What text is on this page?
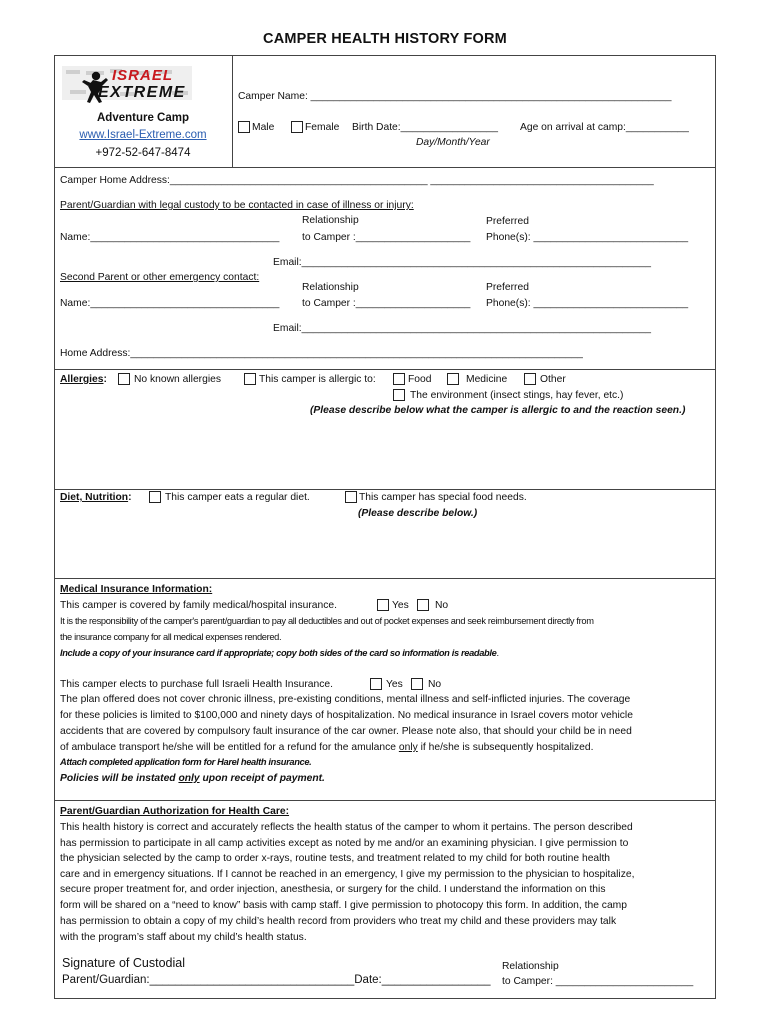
CAMPER HEALTH HISTORY FORM
ISRAEL
EXTREME
Adventure Camp
www.Israel-Extreme.com
+972-52-647-8474
Camper Name: _______________________________________________________________
Male	Female Birth Date:_________________ Age on arrival at camp:___________
Day/Month/Year
Camper Home Address:_____________________________________________ _______________________________________
Parent/Guardian with legal custody to be contacted in case of illness or injury:
Relationship	Preferred
Name:_________________________________ to Camper :____________________ Phone(s): ___________________________
Email:_____________________________________________________________
Second Parent or other emergency contact:
Relationship	Preferred
Name:_________________________________ to Camper :____________________ Phone(s): ___________________________
Email:_____________________________________________________________
Home Address:_______________________________________________________________________________
Allergies:	No known allergies	This camper is allergic to:	Food	Medicine	Other
The environment (insect stings, hay fever, etc.)
(Please describe below what the camper is allergic to and the reaction seen.)
Diet, Nutrition:	This camper eats a regular diet.	This camper has special food needs.
(Please describe below.)
Medical Insurance Information:
This camper is covered by family medical/hospital insurance.	Yes	No
It is the responsibility of the camper's parent/guardian to pay all deductibles and out of pocket expenses and seek reimbursement directly from
the insurance company for all medical expenses rendered.
Include a copy of your insurance card if appropriate; copy both sides of the card so information is readable.
This camper elects to purchase full Israeli Health Insurance.	Yes No
The plan offered does not cover chronic illness, pre-existing conditions, mental illness and self-inflicted injuries. The coverage
for these policies is limited to $100,000 and ninety days of hospitalization. No medical insurance in Israel covers motor vehicle
accidents that are covered by compulsory fault insurance of the car owner. Please note also, that should your child be in need
of ambulace transport he/she will be entitled for a refund for the amulance only if he/she is subsequently hospitalized.
Attach completed application form for Harel health insurance.
Policies will be instated only upon receipt of payment.
Parent/Guardian Authorization for Health Care:
This health history is correct and accurately reflects the health status of the camper to whom it pertains. The person described
has permission to participate in all camp activities except as noted by me and/or an examining physician. I give permission to
the physician selected by the camp to order x-rays, routine tests, and treatment related to my child for both routine health
care and in emergency situations. If I cannot be reached in an emergency, I give my permission to the physician to hospitalize,
secure proper treatment for, and order injection, anesthesia, or surgery for the child. I understand the information on this
form will be shared on a “need to know” basis with camp staff. I give permission to photocopy this form. In addition, the camp
has permission to obtain a copy of my child’s health record from providers who treat my child and these providers may talk
with the program’s staff about my child’s health status.
Signature of Custodial
Parent/Guardian:________________________________Date:_________________
Relationship
to Camper: ________________________
